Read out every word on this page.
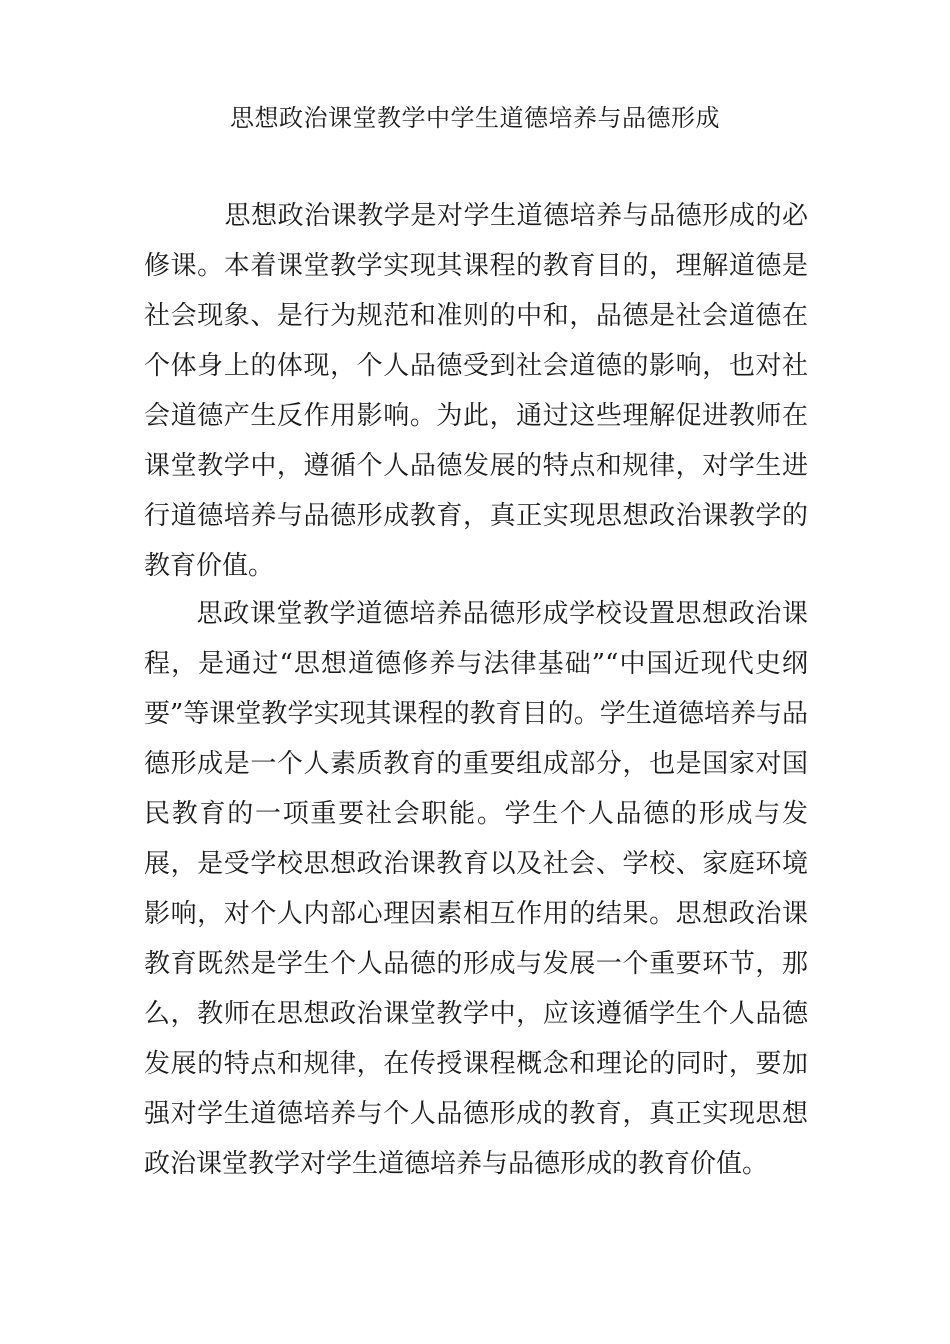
思想政治课堂教学中学生道德培养与品德形成

思想政治课教学是对学生道德培养与品德形成的必修课。本着课堂教学实现其课程的教育目的，理解道德是社会现象、是行为规范和准则的中和，品德是社会道德在个体身上的体现，个人品德受到社会道德的影响，也对社会道德产生反作用影响。为此，通过这些理解促进教师在课堂教学中，遵循个人品德发展的特点和规律，对学生进行道德培养与品德形成教育，真正实现思想政治课教学的教育价值。

思政课堂教学道德培养品德形成学校设置思想政治课程，是通过“思想道德修养与法律基础”“中国近现代史纲要”等课堂教学实现其课程的教育目的。学生道德培养与品德形成是一个人素质教育的重要组成部分，也是国家对国民教育的一项重要社会职能。学生个人品德的形成与发展，是受学校思想政治课教育以及社会、学校、家庭环境影响，对个人内部心理因素相互作用的结果。思想政治课教育既然是学生个人品德的形成与发展一个重要环节，那么，教师在思想政治课堂教学中，应该遵循学生个人品德发展的特点和规律，在传授课程概念和理论的同时，要加强对学生道德培养与个人品德形成的教育，真正实现思想政治课堂教学对学生道德培养与品德形成的教育价值。
